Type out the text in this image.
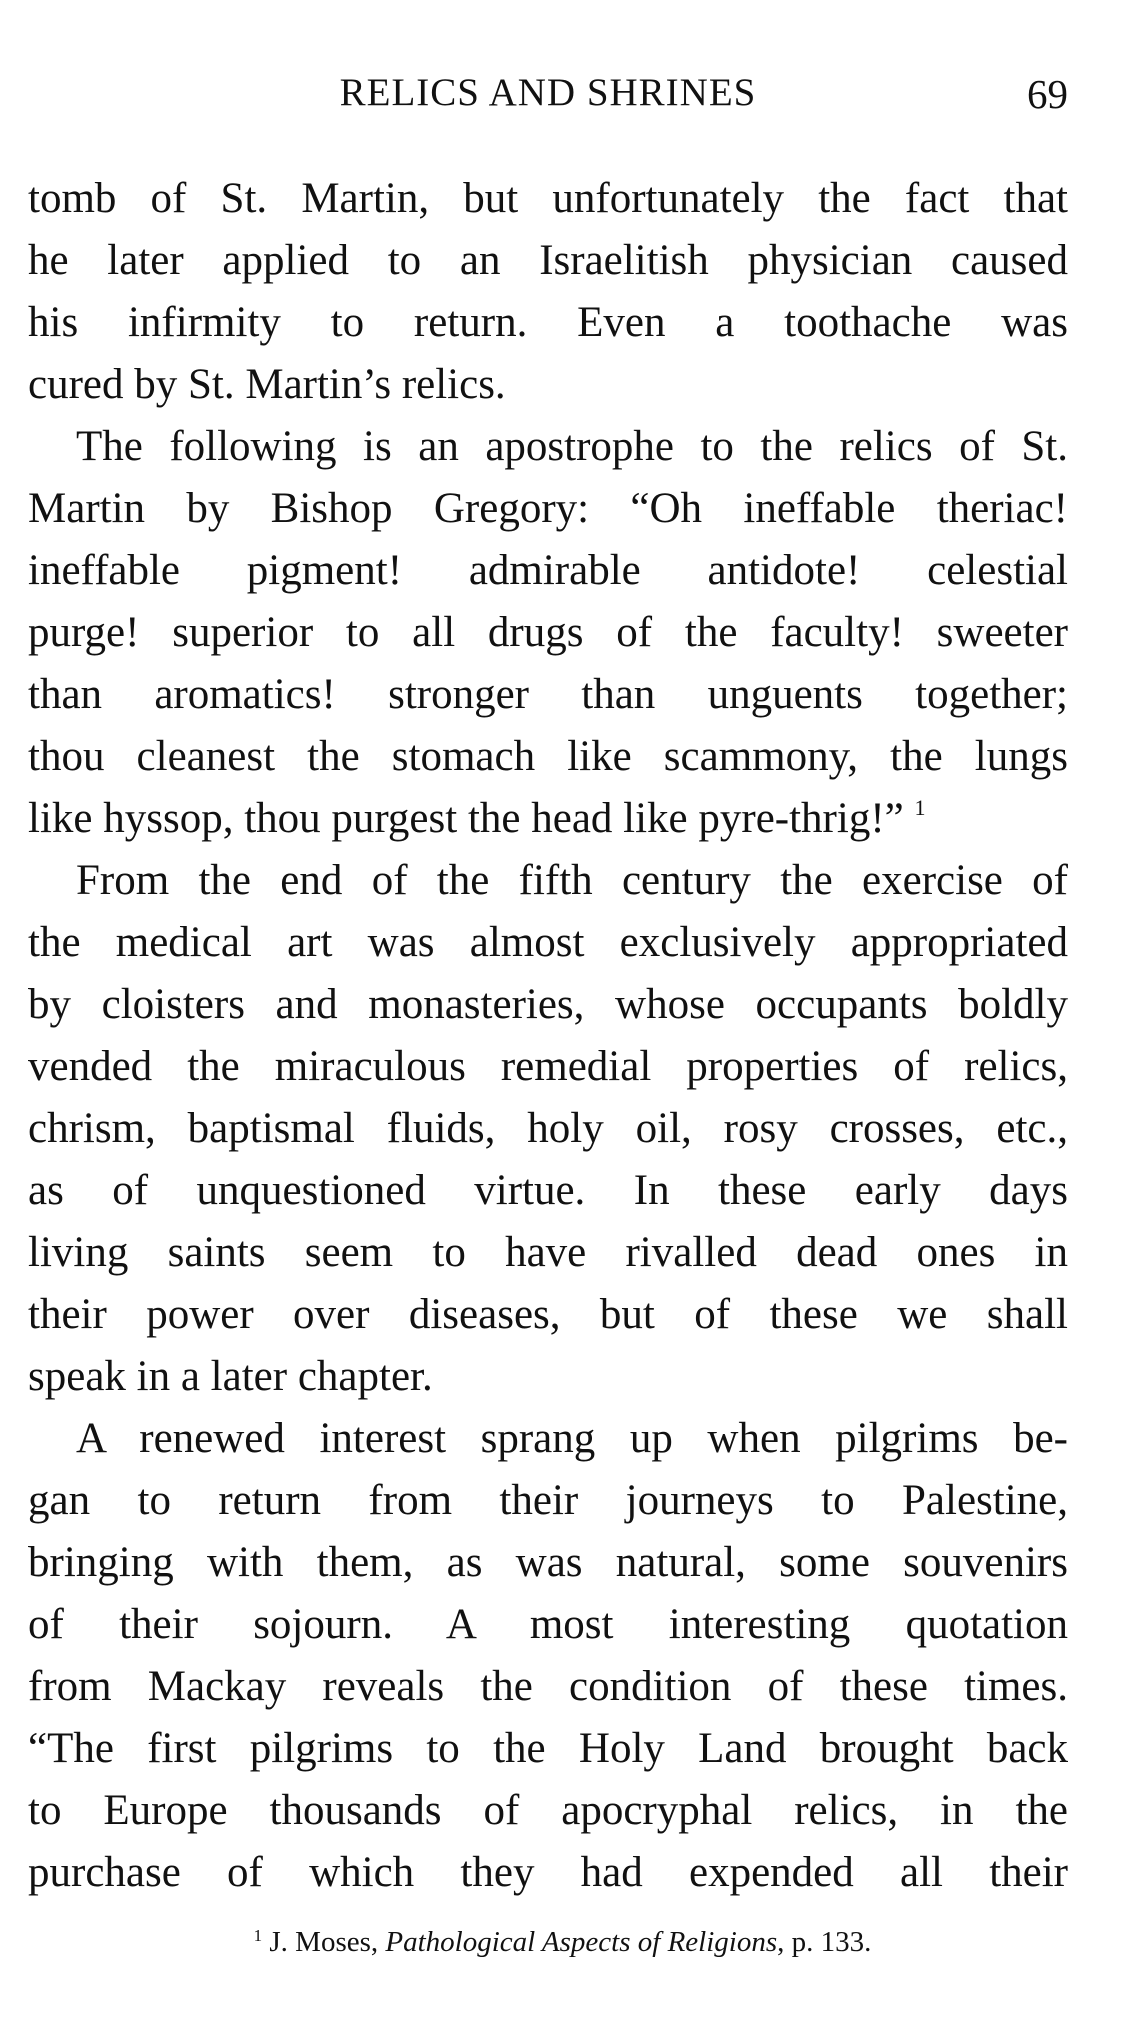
RELICS AND SHRINES	69
tomb of St. Martin, but unfortunately the fact that
he later applied to an Israelitish physician caused
his infirmity to return. Even a toothache was
cured by St. Martin’s relics.
The following is an apostrophe to the relics of St.
Martin by Bishop Gregory: “Oh ineffable theriac!
ineffable pigment! admirable antidote! celestial
purge! superior to all drugs of the faculty! sweeter
than aromatics! stronger than unguents together;
thou cleanest the stomach like scammony, the lungs
like hyssop, thou purgest the head like pyre-thrig!” $^1$
From the end of the fifth century the exercise of
the medical art was almost exclusively appropriated
by cloisters and monasteries, whose occupants boldly
vended the miraculous remedial properties of relics,
chrism, baptismal fluids, holy oil, rosy crosses, etc.,
as of unquestioned virtue. In these early days
living saints seem to have rivalled dead ones in
their power over diseases, but of these we shall
speak in a later chapter.
A renewed interest sprang up when pilgrims be-
gan to return from their journeys to Palestine,
bringing with them, as was natural, some souvenirs
of their sojourn. A most interesting quotation
from Mackay reveals the condition of these times.
“The first pilgrims to the Holy Land brought back
to Europe thousands of apocryphal relics, in the
purchase of which they had expended all their
$^1$ J. Moses, Pathological Aspects of Religions, p. 133.
